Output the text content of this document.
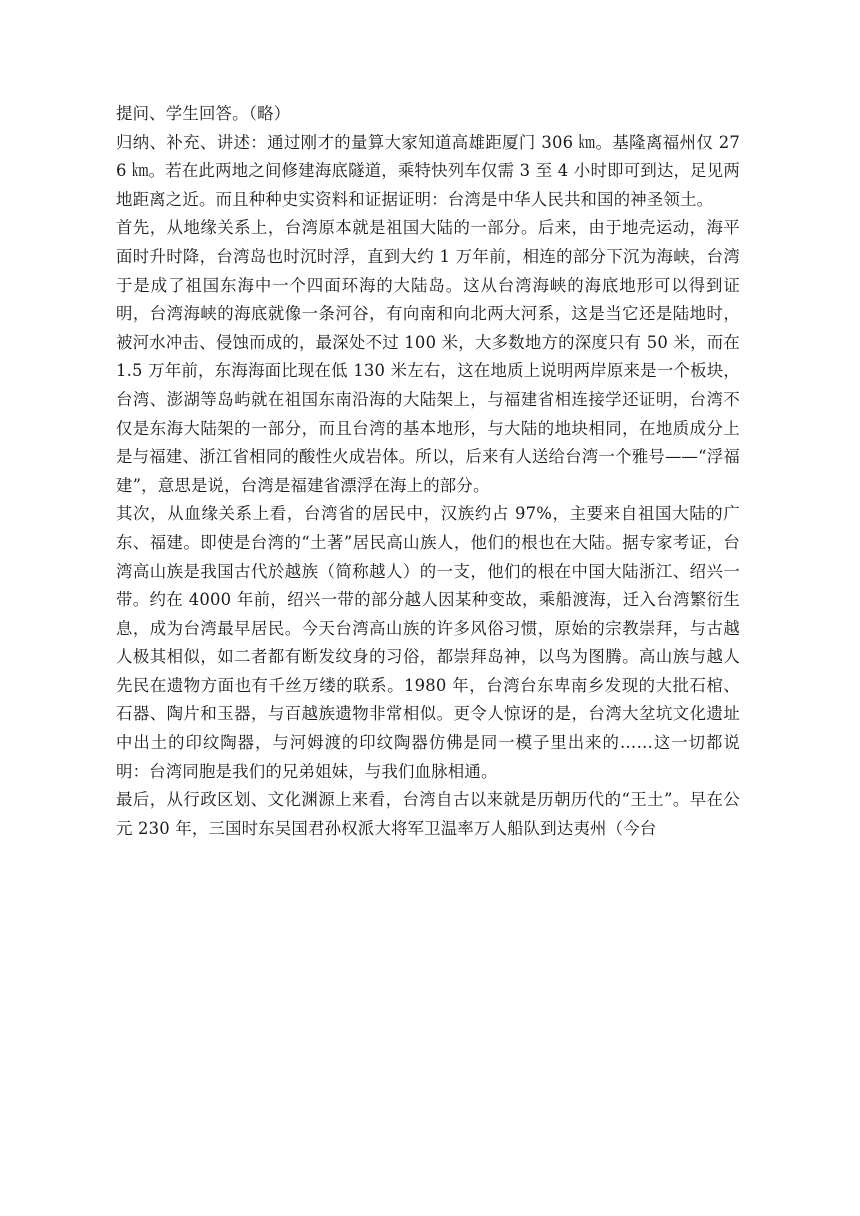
提问、学生回答。（略）

归纳、补充、讲述：通过刚才的量算大家知道高雄距厦门 306 ㎞。基隆离福州仅 276 ㎞。若在此两地之间修建海底隧道，乘特快列车仅需 3 至 4 小时即可到达，足见两地距离之近。而且种种史实资料和证据证明：台湾是中华人民共和国的神圣领土。

首先，从地缘关系上，台湾原本就是祖国大陆的一部分。后来，由于地壳运动，海平面时升时降，台湾岛也时沉时浮，直到大约 1 万年前，相连的部分下沉为海峡，台湾于是成了祖国东海中一个四面环海的大陆岛。这从台湾海峡的海底地形可以得到证明，台湾海峡的海底就像一条河谷，有向南和向北两大河系，这是当它还是陆地时，被河水冲击、侵蚀而成的，最深处不过 100 米，大多数地方的深度只有 50 米，而在 1.5 万年前，东海海面比现在低 130 米左右，这在地质上说明两岸原来是一个板块，台湾、澎湖等岛屿就在祖国东南沿海的大陆架上，与福建省相连接学还证明，台湾不仅是东海大陆架的一部分，而且台湾的基本地形，与大陆的地块相同，在地质成分上是与福建、浙江省相同的酸性火成岩体。所以，后来有人送给台湾一个雅号——“浮福建”，意思是说，台湾是福建省漂浮在海上的部分。

其次，从血缘关系上看，台湾省的居民中，汉族约占 97%，主要来自祖国大陆的广东、福建。即使是台湾的“土著”居民高山族人，他们的根也在大陆。据专家考证，台湾高山族是我国古代於越族（简称越人）的一支，他们的根在中国大陆浙江、绍兴一带。约在 4000 年前，绍兴一带的部分越人因某种变故，乘船渡海，迁入台湾繁衍生息，成为台湾最早居民。今天台湾高山族的许多风俗习惯，原始的宗教崇拜，与古越人极其相似，如二者都有断发纹身的习俗，都崇拜岛神，以鸟为图腾。高山族与越人先民在遗物方面也有千丝万缕的联系。1980 年，台湾台东卑南乡发现的大批石棺、石器、陶片和玉器，与百越族遗物非常相似。更令人惊讶的是，台湾大坌坑文化遗址中出土的印纹陶器，与河姆渡的印纹陶器仿佛是同一模子里出来的……这一切都说明：台湾同胞是我们的兄弟姐妹，与我们血脉相通。

最后，从行政区划、文化渊源上来看，台湾自古以来就是历朝历代的“王土”。早在公元 230 年，三国时东吴国君孙权派大将军卫温率万人船队到达夷州（今台
